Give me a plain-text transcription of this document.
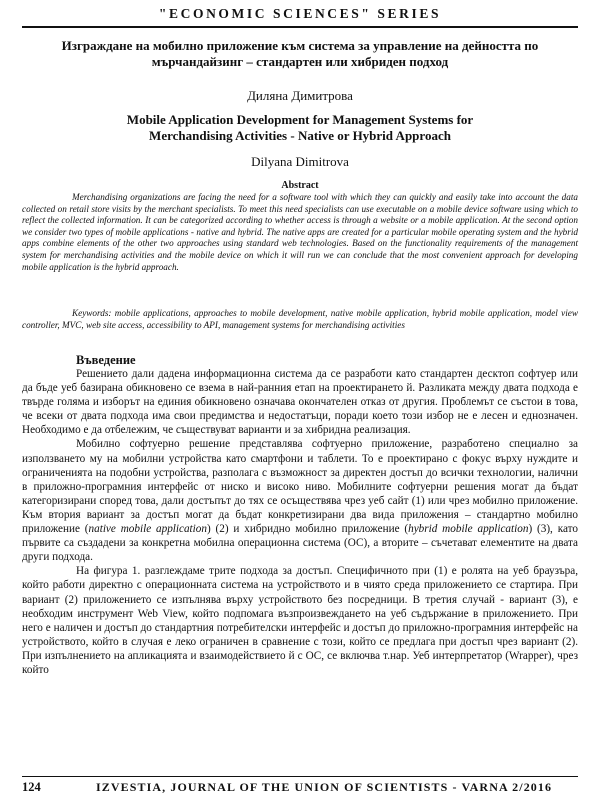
"ECONOMIC SCIENCES" SERIES
Изграждане на мобилно приложение към система за управление на дейността по мърчандайзинг – стандартен или хибриден подход
Диляна Димитрова
Mobile Application Development for Management Systems for
Merchandising Activities - Native or Hybrid Approach
Dilyana Dimitrova
Abstract
Merchandising organizations are facing the need for a software tool with which they can quickly and easily take into account the data collected on retail store visits by the merchant specialists. To meet this need specialists can use executable on a mobile device software using which to reflect the collected information. It can be categorized according to whether access is through a website or a mobile application. At the second option we consider two types of mobile applications - native and hybrid. The native apps are created for a particular mobile operating system and the hybrid apps combine elements of the other two approaches using standard web technologies. Based on the functionality requirements of the management system for merchandising activities and the mobile device on which it will run we can conclude that the most convenient approach for developing mobile application is the hybrid approach.
Keywords: mobile applications, approaches to mobile development, native mobile application, hybrid mobile application, model view controller, MVC, web site access, accessibility to API, management systems for merchandising activities
Въведение

Решението дали дадена информационна система да се разработи като стандартен десктоп софтуер или да бъде уеб базирана обикновено се взема в най-ранния етап на проектирането й. Разликата между двата подхода е твърде голяма и изборът на единия обикновено означава окончателен отказ от другия. Проблемът се състои в това, че всеки от двата подхода има свои предимства и недостатъци, поради което този избор не е лесен и еднозначен. Необходимо е да отбележим, че съществуват варианти и за хибридна реализация.

Мобилно софтуерно решение представлява софтуерно приложение, разработено специално за използването му на мобилни устройства като смартфони и таблети. То е проектирано с фокус върху нуждите и ограниченията на подобни устройства, разполага с възможност за директен достъп до всички технологии, налични в приложно-програмния интерфейс от ниско и високо ниво. Мобилните софтуерни решения могат да бъдат категоризирани според това, дали достъпът до тях се осъществява чрез уеб сайт (1) или чрез мобилно приложение. Към втория вариант за достъп могат да бъдат конкретизирани два вида приложения – стандартно мобилно приложение (native mobile application) (2) и хибридно мобилно приложение (hybrid mobile application) (3), като първите са създадени за конкретна мобилна операционна система (ОС), а вторите – съчетават елементите на двата други подхода.

На фигура 1. разглеждаме трите подхода за достъп. Специфичното при (1) е ролята на уеб браузъра, който работи директно с операционната система на устройството и в чиято среда приложението се стартира. При вариант (2) приложението се изпълнява върху устройството без посредници. В третия случай - вариант (3), е необходим инструмент Web View, който подпомага възпроизвеждането на уеб съдържание в приложението. При него е наличен и достъп до стандартния потребителски интерфейс и достъп до приложно-програмния интерфейс на устройството, който в случая е леко ограничен в сравнение с този, който се предлага при достъп чрез вариант (2). При изпълнението на апликацията и взаимодействието й с ОС, се включва т.нар. Уеб интерпретатор (Wrapper), чрез който

124	IZVESTIA, JOURNAL OF THE UNION OF SCIENTISTS - VARNA 2/2016
